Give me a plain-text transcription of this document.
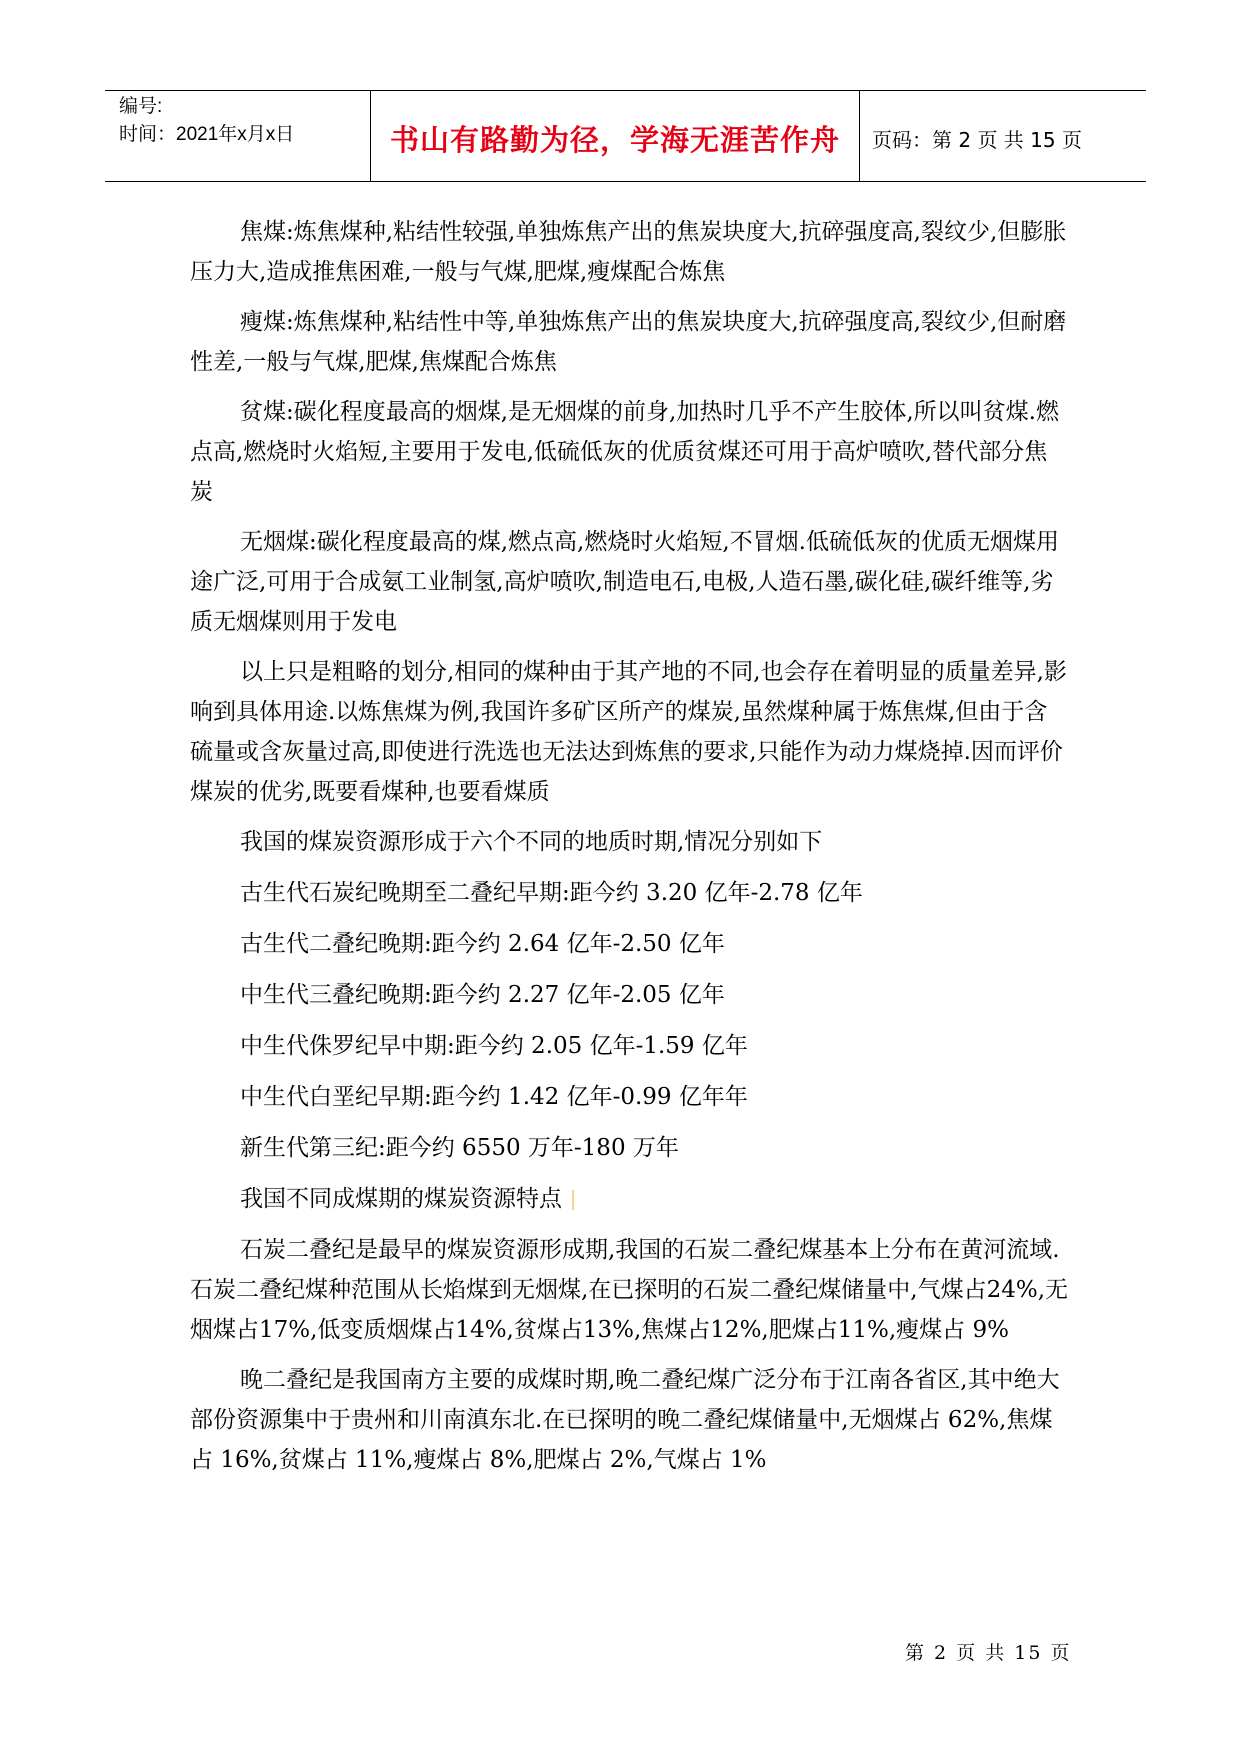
编号:
时间：2021年x月x日	书山有路勤为径，学海无涯苦作舟	页码：第 2 页 共 15 页

焦煤:炼焦煤种,粘结性较强,单独炼焦产出的焦炭块度大,抗碎强度高,裂纹少,但膨胀压力大,造成推焦困难,一般与气煤,肥煤,瘦煤配合炼焦

瘦煤:炼焦煤种,粘结性中等,单独炼焦产出的焦炭块度大,抗碎强度高,裂纹少,但耐磨性差,一般与气煤,肥煤,焦煤配合炼焦

贫煤:碳化程度最高的烟煤,是无烟煤的前身,加热时几乎不产生胶体,所以叫贫煤.燃点高,燃烧时火焰短,主要用于发电,低硫低灰的优质贫煤还可用于高炉喷吹,替代部分焦炭

无烟煤:碳化程度最高的煤,燃点高,燃烧时火焰短,不冒烟.低硫低灰的优质无烟煤用途广泛,可用于合成氨工业制氢,高炉喷吹,制造电石,电极,人造石墨,碳化硅,碳纤维等,劣质无烟煤则用于发电

以上只是粗略的划分,相同的煤种由于其产地的不同,也会存在着明显的质量差异,影响到具体用途.以炼焦煤为例,我国许多矿区所产的煤炭,虽然煤种属于炼焦煤,但由于含硫量或含灰量过高,即使进行洗选也无法达到炼焦的要求,只能作为动力煤烧掉.因而评价煤炭的优劣,既要看煤种,也要看煤质

我国的煤炭资源形成于六个不同的地质时期,情况分别如下
古生代石炭纪晚期至二叠纪早期:距今约 3.20 亿年-2.78 亿年
古生代二叠纪晚期:距今约 2.64 亿年-2.50 亿年
中生代三叠纪晚期:距今约 2.27 亿年-2.05 亿年
中生代侏罗纪早中期:距今约 2.05 亿年-1.59 亿年
中生代白垩纪早期:距今约 1.42 亿年-0.99 亿年年
新生代第三纪:距今约 6550 万年-180 万年
我国不同成煤期的煤炭资源特点

石炭二叠纪是最早的煤炭资源形成期,我国的石炭二叠纪煤基本上分布在黄河流域.石炭二叠纪煤种范围从长焰煤到无烟煤,在已探明的石炭二叠纪煤储量中,气煤占24%,无烟煤占17%,低变质烟煤占14%,贫煤占13%,焦煤占12%,肥煤占11%,瘦煤占 9%

晚二叠纪是我国南方主要的成煤时期,晚二叠纪煤广泛分布于江南各省区,其中绝大部份资源集中于贵州和川南滇东北.在已探明的晚二叠纪煤储量中,无烟煤占 62%,焦煤占 16%,贫煤占 11%,瘦煤占 8%,肥煤占 2%,气煤占 1%

第 2 页 共 15 页
